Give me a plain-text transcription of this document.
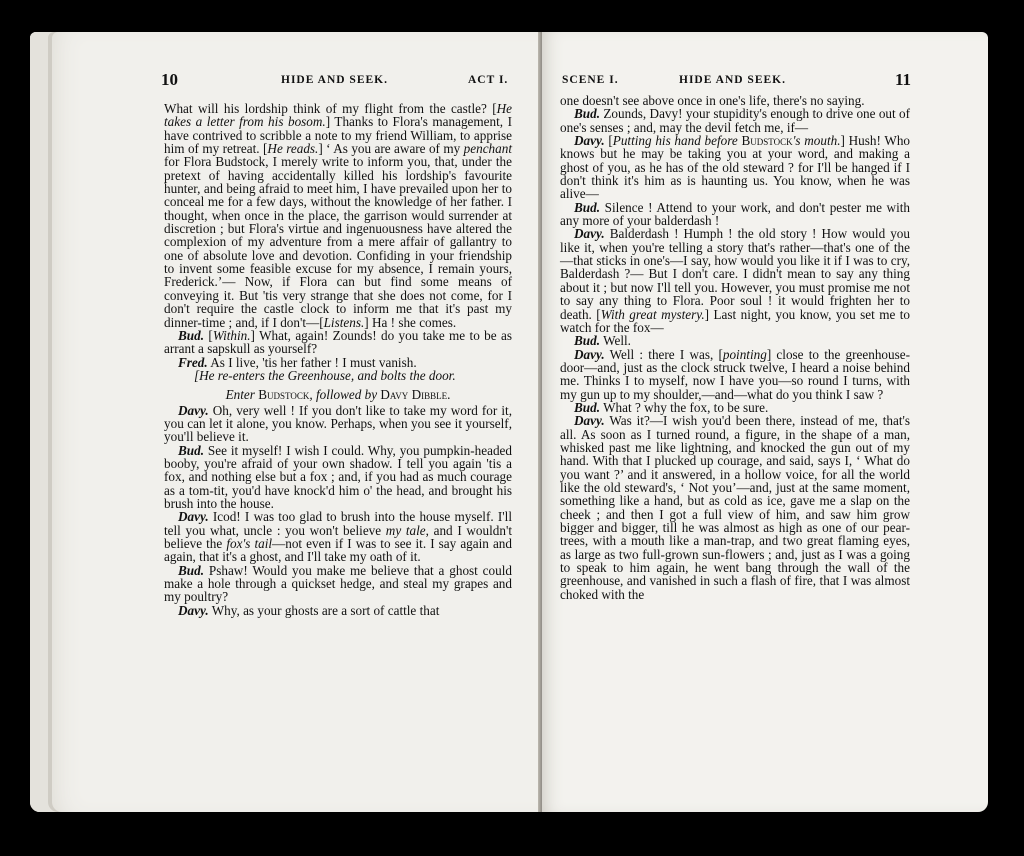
10	HIDE AND SEEK.	ACT I.

What will his lordship think of my flight from the castle? [He takes a letter from his bosom.] Thanks to Flora's management, I have contrived to scribble a note to my friend William, to apprise him of my retreat. [He reads.] ‘ As you are aware of my penchant for Flora Budstock, I merely write to inform you, that, under the pretext of having accidentally killed his lordship's favourite hunter, and being afraid to meet him, I have prevailed upon her to conceal me for a few days, without the knowledge of her father. I thought, when once in the place, the garrison would surrender at discretion ; but Flora's virtue and ingenuousness have altered the complexion of my adventure from a mere affair of gallantry to one of absolute love and devotion. Confiding in your friendship to invent some feasible excuse for my absence, I remain yours, Frederick.’— Now, if Flora can but find some means of conveying it. But 'tis very strange that she does not come, for I don't require the castle clock to inform me that it's past my dinner-time ; and, if I don't—[Listens.] Ha ! she comes.

Bud. [Within.] What, again! Zounds! do you take me to be as arrant a sapskull as yourself?

Fred. As I live, 'tis her father ! I must vanish.

[He re-enters the Greenhouse, and bolts the door.

Enter Budstock, followed by Davy Dibble.

Davy. Oh, very well ! If you don't like to take my word for it, you can let it alone, you know. Perhaps, when you see it yourself, you'll believe it.

Bud. See it myself! I wish I could. Why, you pumpkin-headed booby, you're afraid of your own shadow. I tell you again 'tis a fox, and nothing else but a fox ; and, if you had as much courage as a tom-tit, you'd have knock'd him o' the head, and brought his brush into the house.

Davy. Icod! I was too glad to brush into the house myself. I'll tell you what, uncle : you won't believe my tale, and I wouldn't believe the fox's tail—not even if I was to see it. I say again and again, that it's a ghost, and I'll take my oath of it.

Bud. Pshaw! Would you make me believe that a ghost could make a hole through a quickset hedge, and steal my grapes and my poultry?

Davy. Why, as your ghosts are a sort of cattle that

SCENE I.	HIDE AND SEEK.	11

one doesn't see above once in one's life, there's no saying.

Bud. Zounds, Davy! your stupidity's enough to drive one out of one's senses ; and, may the devil fetch me, if—

Davy. [Putting his hand before Budstock's mouth.] Hush! Who knows but he may be taking you at your word, and making a ghost of you, as he has of the old steward ? for I'll be hanged if I don't think it's him as is haunting us. You know, when he was alive—

Bud. Silence ! Attend to your work, and don't pester me with any more of your balderdash !

Davy. Balderdash ! Humph ! the old story ! How would you like it, when you're telling a story that's rather—that's one of the—that sticks in one's—I say, how would you like it if I was to cry, Balderdash ?— But I don't care. I didn't mean to say any thing about it ; but now I'll tell you. However, you must promise me not to say any thing to Flora. Poor soul ! it would frighten her to death. [With great mystery.] Last night, you know, you set me to watch for the fox—

Bud. Well.

Davy. Well : there I was, [pointing] close to the greenhouse-door—and, just as the clock struck twelve, I heard a noise behind me. Thinks I to myself, now I have you—so round I turns, with my gun up to my shoulder,—and—what do you think I saw ?

Bud. What ? why the fox, to be sure.

Davy. Was it?—I wish you'd been there, instead of me, that's all. As soon as I turned round, a figure, in the shape of a man, whisked past me like lightning, and knocked the gun out of my hand. With that I plucked up courage, and said, says I, ‘ What do you want ?’ and it answered, in a hollow voice, for all the world like the old steward's, ‘ Not you’—and, just at the same moment, something like a hand, but as cold as ice, gave me a slap on the cheek ; and then I got a full view of him, and saw him grow bigger and bigger, till he was almost as high as one of our pear-trees, with a mouth like a man-trap, and two great flaming eyes, as large as two full-grown sun-flowers ; and, just as I was a going to speak to him again, he went bang through the wall of the greenhouse, and vanished in such a flash of fire, that I was almost choked with the
